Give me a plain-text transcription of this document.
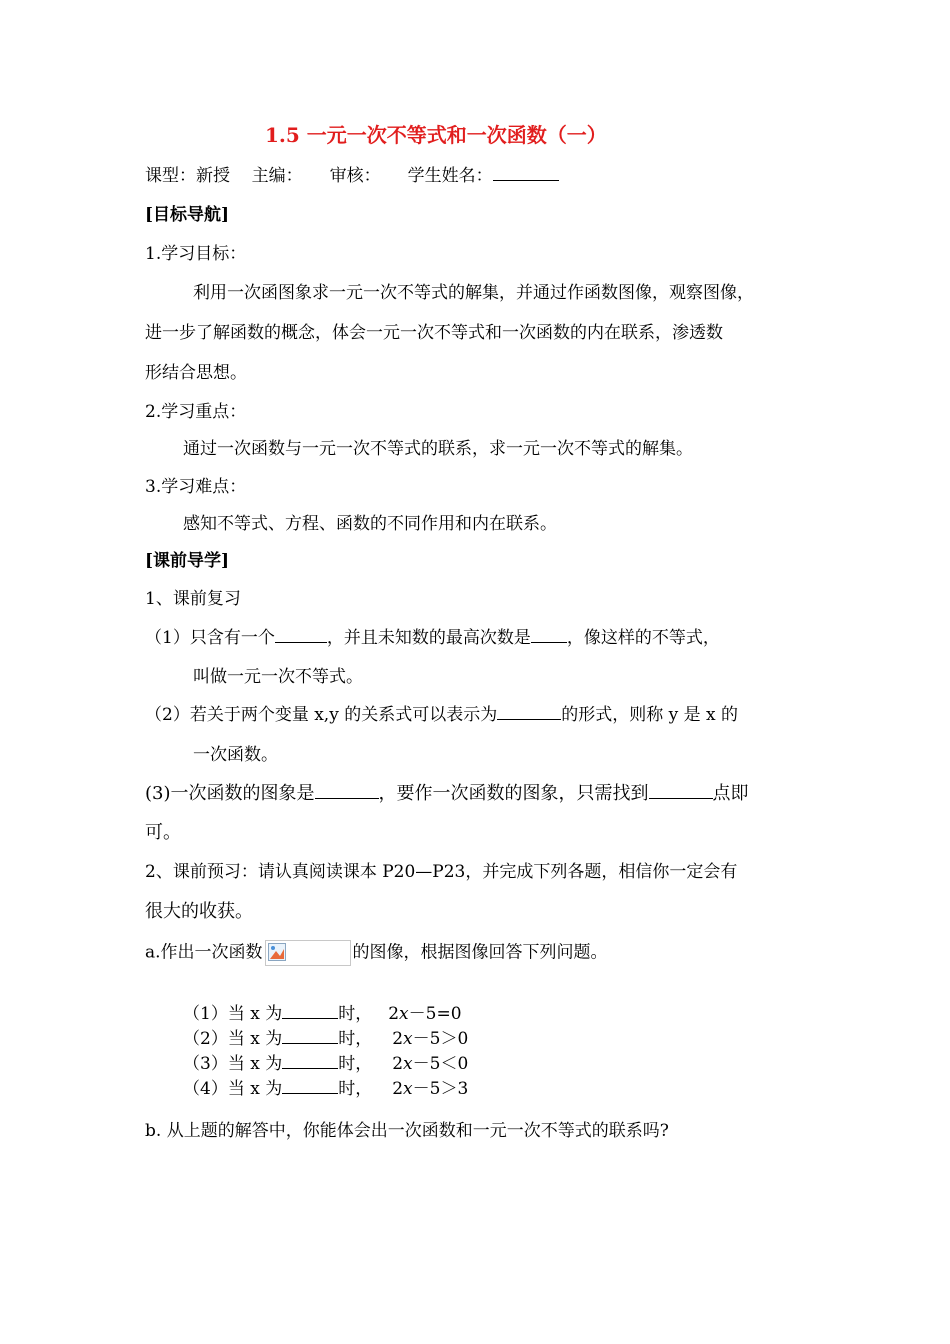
1.5 一元一次不等式和一次函数（一）
课型：新授    主编：     审核：     学生姓名：
[目标导航]
1.学习目标：
利用一次函图象求一元一次不等式的解集，并通过作函数图像，观察图像，
进一步了解函数的概念，体会一元一次不等式和一次函数的内在联系，渗透数
形结合思想。
2.学习重点：
通过一次函数与一元一次不等式的联系，求一元一次不等式的解集。
3.学习难点：
感知不等式、方程、函数的不同作用和内在联系。
[课前导学]
1、课前复习
（1）只含有一个	，并且未知数的最高次数是 ，像这样的不等式，
叫做一元一次不等式。
（2）若关于两个变量 x,y 的关系式可以表示为	的形式，则称 y 是 x 的
一次函数。
(3)一次函数的图象是	，要作一次函数的图象，只需找到	点即
可。
2、课前预习：请认真阅读课本 P20—P23，并完成下列各题，相信你一定会有
很大的收获。
a.作出一次函数	的图像，根据图像回答下列问题。
（1）当 x 为	时， 2x－5=0
（2）当 x 为	时， 2x－5＞0
（3）当 x 为	时， 2x－5＜0
（4）当 x 为	时， 2x－5＞3
b. 从上题的解答中，你能体会出一次函数和一元一次不等式的联系吗?
